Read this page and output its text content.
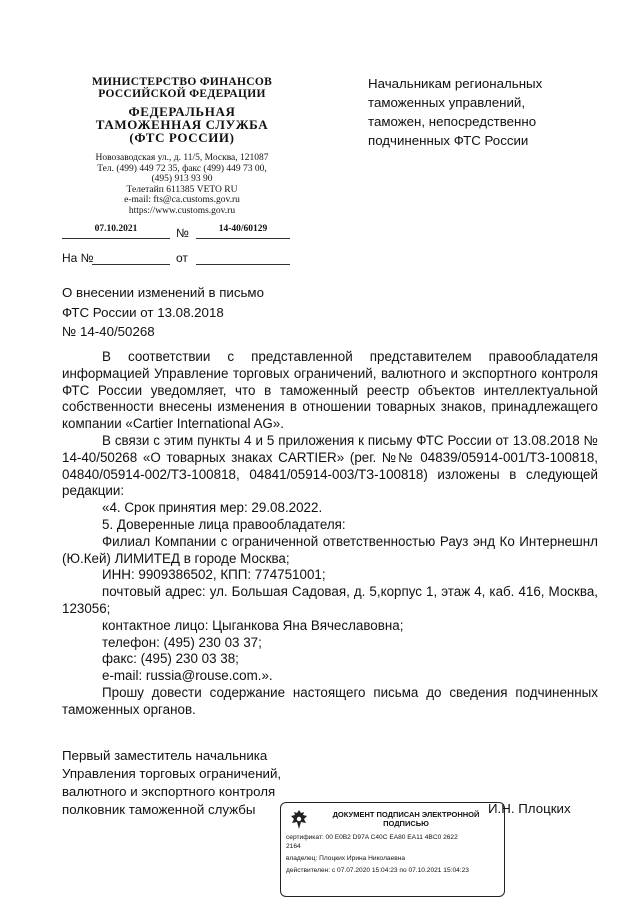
МИНИСТЕРСТВО ФИНАНСОВ
РОССИЙСКОЙ ФЕДЕРАЦИИ
ФЕДЕРАЛЬНАЯ
ТАМОЖЕННАЯ СЛУЖБА
(ФТС РОССИИ)
Новозаводская ул., д. 11/5, Москва, 121087
Тел. (499) 449 72 35, факс (499) 449 73 00,
(495) 913 93 90
Телетайп 611385 VETO RU
e-mail: fts@ca.customs.gov.ru
https://www.customs.gov.ru
07.10.2021	№	14-40/60129
На №	от
Начальникам региональных
таможенных управлений,
таможен, непосредственно
подчиненных ФТС России
О внесении изменений в письмо
ФТС России от 13.08.2018
№ 14-40/50268

В соответствии с представленной представителем правообладателя информацией Управление торговых ограничений, валютного и экспортного контроля ФТС России уведомляет, что в таможенный реестр объектов интеллектуальной собственности внесены изменения в отношении товарных знаков, принадлежащего компании «Cartier International AG».

В связи с этим пункты 4 и 5 приложения к письму ФТС России от 13.08.2018 № 14-40/50268 «О товарных знаках CARTIER» (рег. №№ 04839/05914-001/ТЗ-100818, 04840/05914-002/ТЗ-100818, 04841/05914-003/ТЗ-100818) изложены в следующей редакции:

«4. Срок принятия мер: 29.08.2022.

5. Доверенные лица правообладателя:

Филиал Компании с ограниченной ответственностью Рауз энд Ко Интернешнл (Ю.Кей) ЛИМИТЕД в городе Москва;

ИНН: 9909386502, КПП: 774751001;

почтовый адрес: ул. Большая Садовая, д. 5,корпус 1, этаж 4, каб. 416, Москва, 123056;

контактное лицо: Цыганкова Яна Вячеславовна;

телефон: (495) 230 03 37;

факс: (495) 230 03 38;

e-mail: russia@rouse.com.».

Прошу довести содержание настоящего письма до сведения подчиненных таможенных органов.

Первый заместитель начальника
Управления торговых ограничений,
валютного и экспортного контроля
полковник таможенной службы	ДОКУМЕНТ ПОДПИСАН ЭЛЕКТРОННОЙ
ПОДПИСЬЮ
сертификат: 00 E0B2 D97A C40C EA80 EA11 4BC0 2622
2164
владелец: Плоцких Ирина Николаевна
действителен: с 07.07.2020 15:04:23 по 07.10.2021 15:04:23
И.Н. Плоцких
